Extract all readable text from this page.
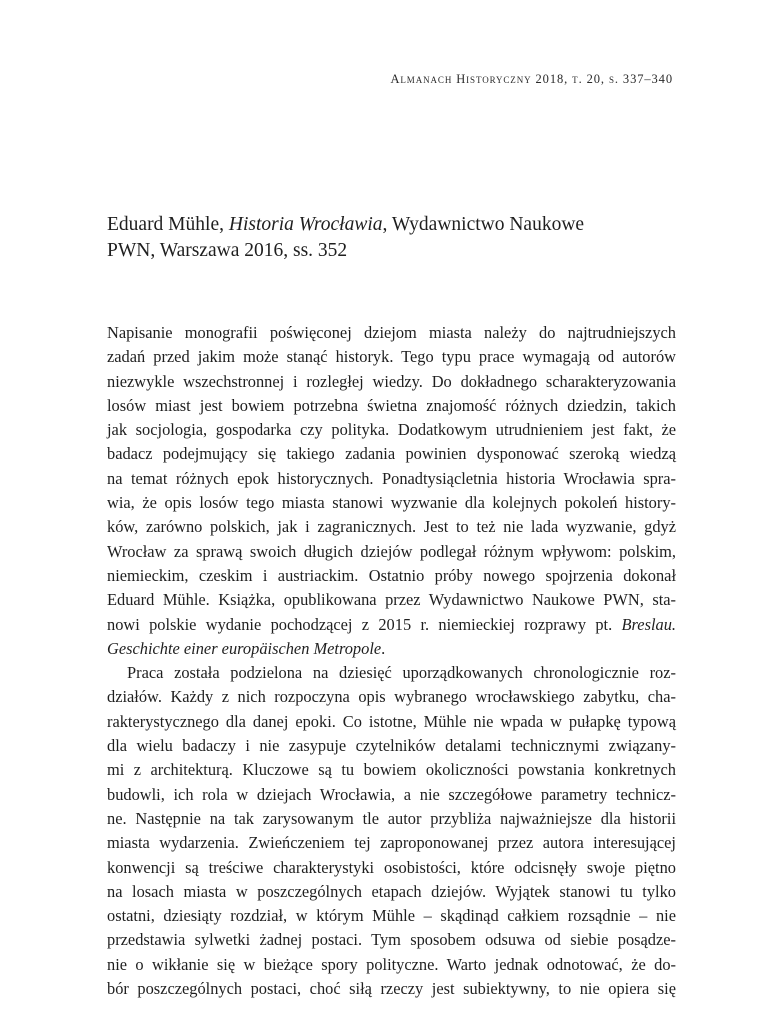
Almanach Historyczny 2018, t. 20, s. 337–340
Eduard Mühle, Historia Wrocławia, Wydawnictwo Naukowe
PWN, Warszawa 2016, ss. 352
Napisanie monografii poświęconej dziejom miasta należy do najtrudniejszych
zadań przed jakim może stanąć historyk. Tego typu prace wymagają od autorów
niezwykle wszechstronnej i rozległej wiedzy. Do dokładnego scharakteryzowania
losów miast jest bowiem potrzebna świetna znajomość różnych dziedzin, takich
jak socjologia, gospodarka czy polityka. Dodatkowym utrudnieniem jest fakt, że
badacz podejmujący się takiego zadania powinien dysponować szeroką wiedzą
na temat różnych epok historycznych. Ponadtysiącletnia historia Wrocławia spra-
wia, że opis losów tego miasta stanowi wyzwanie dla kolejnych pokoleń history-
ków, zarówno polskich, jak i zagranicznych. Jest to też nie lada wyzwanie, gdyż
Wrocław za sprawą swoich długich dziejów podlegał różnym wpływom: polskim,
niemieckim, czeskim i austriackim. Ostatnio próby nowego spojrzenia dokonał
Eduard Mühle. Książka, opublikowana przez Wydawnictwo Naukowe PWN, sta-
nowi polskie wydanie pochodzącej z 2015 r. niemieckiej rozprawy pt. Breslau.
Geschichte einer europäischen Metropole.
Praca została podzielona na dziesięć uporządkowanych chronologicznie roz-
działów. Każdy z nich rozpoczyna opis wybranego wrocławskiego zabytku, cha-
rakterystycznego dla danej epoki. Co istotne, Mühle nie wpada w pułapkę typową
dla wielu badaczy i nie zasypuje czytelników detalami technicznymi związany-
mi z architekturą. Kluczowe są tu bowiem okoliczności powstania konkretnych
budowli, ich rola w dziejach Wrocławia, a nie szczegółowe parametry technicz-
ne. Następnie na tak zarysowanym tle autor przybliża najważniejsze dla historii
miasta wydarzenia. Zwieńczeniem tej zaproponowanej przez autora interesującej
konwencji są treściwe charakterystyki osobistości, które odcisnęły swoje piętno
na losach miasta w poszczególnych etapach dziejów. Wyjątek stanowi tu tylko
ostatni, dziesiąty rozdział, w którym Mühle – skądinąd całkiem rozsądnie – nie
przedstawia sylwetki żadnej postaci. Tym sposobem odsuwa od siebie posądze-
nie o wikłanie się w bieżące spory polityczne. Warto jednak odnotować, że do-
bór poszczególnych postaci, choć siłą rzeczy jest subiektywny, to nie opiera się
